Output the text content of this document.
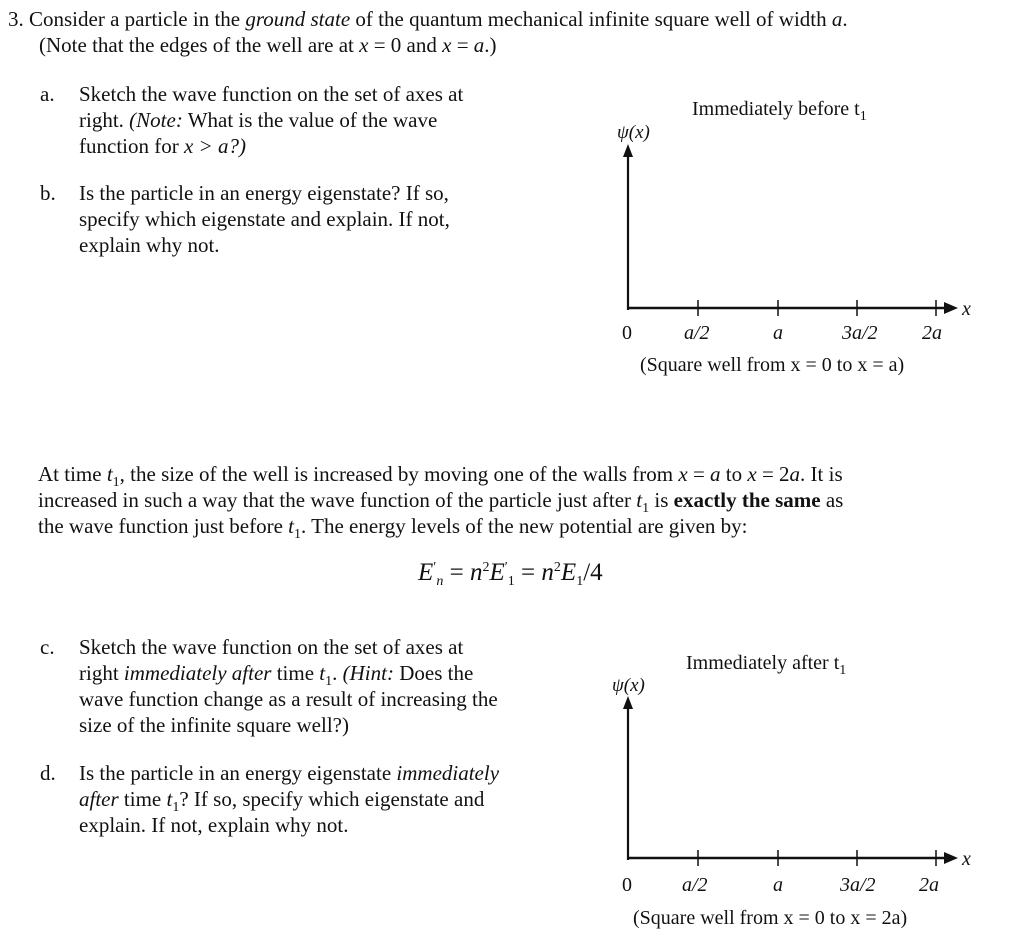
3. Consider a particle in the ground state of the quantum mechanical infinite square well of width a.
(Note that the edges of the well are at x = 0 and x = a.)
a.	Sketch the wave function on the set of axes at
right. (Note: What is the value of the wave
function for x > a?)
b.	Is the particle in an energy eigenstate? If so,
specify which eigenstate and explain. If not,
explain why not.
Immediately before $t_1$
ψ(x)
x
0	a/2	a	3a/2 2a
(Square well from x = 0 to x = a)
At time $t_1$, the size of the well is increased by moving one of the walls from x = a to x = 2a. It is
increased in such a way that the wave function of the particle just after $t_1$ is exactly the same as
the wave function just before $t_1$. The energy levels of the new potential are given by:
$E'_n = n^2E'_1 = n^2E_1/4$
c.	Sketch the wave function on the set of axes at
right immediately after time $t_1$. (Hint: Does the
wave function change as a result of increasing the
size of the infinite square well?)
d.	Is the particle in an energy eigenstate immediately
after time $t_1$? If so, specify which eigenstate and
explain. If not, explain why not.
Immediately after $t_1$
ψ(x)
x
0	a/2	a	3a/2 2a
(Square well from x = 0 to x = 2a)
